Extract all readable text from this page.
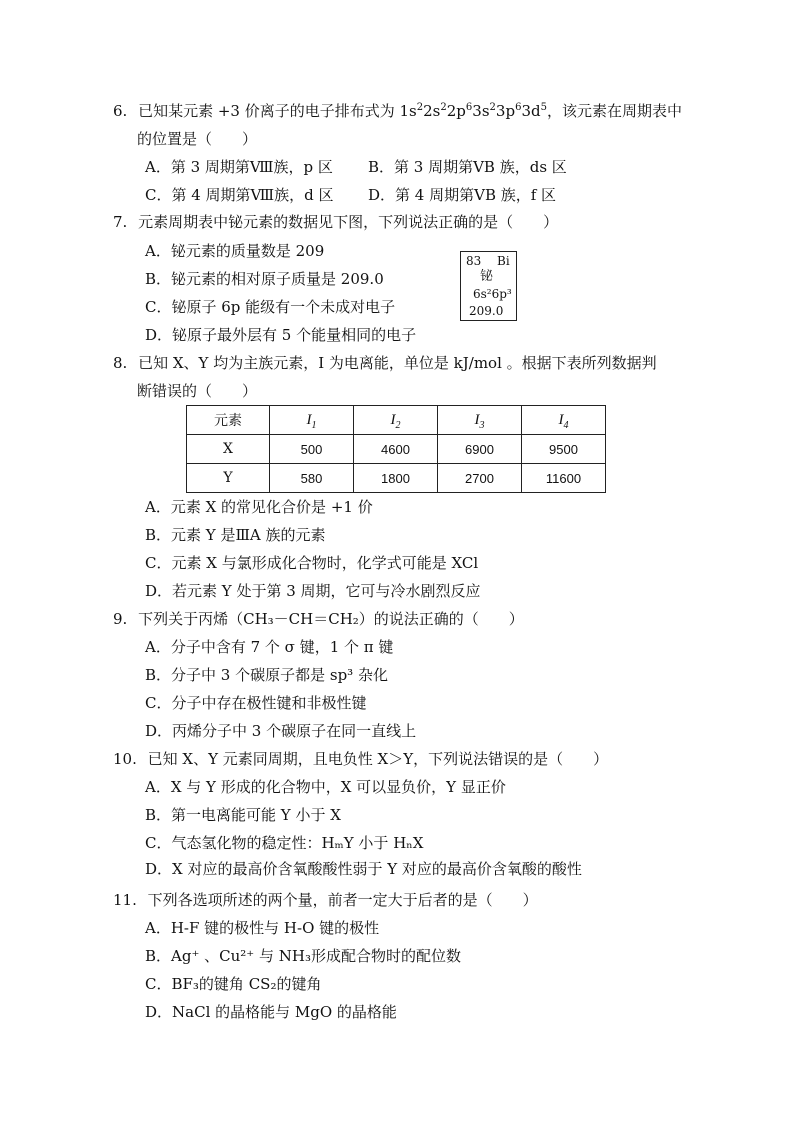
6. 已知某元素 +3 价离子的电子排布式为 $1s^22s^22p^63s^23p^63d^5$，该元素在周期表中
的位置是（　　）
A．第 3 周期第Ⅷ族，p 区 B．第 3 周期第ⅤB 族，ds 区
C．第 4 周期第Ⅷ族，d 区 D．第 4 周期第ⅤB 族，f 区
7. 元素周期表中铋元素的数据见下图，下列说法正确的是（　　）
A．铋元素的质量数是 209
B．铋元素的相对原子质量是 209.0
C．铋原子 6p 能级有一个未成对电子
D．铋原子最外层有 5 个能量相同的电子
83 Bi
铋
6s²6p³
209.0
8. 已知 X、Y 均为主族元素，I 为电离能，单位是 kJ/mol 。根据下表所列数据判
断错误的（　　）
元素	$I_1$	$I_2$	$I_3$	$I_4$
X	500	4600	6900	9500
Y	580	1800	2700	11600
A．元素 X 的常见化合价是 +1 价
B．元素 Y 是ⅢA 族的元素
C．元素 X 与氯形成化合物时，化学式可能是 XCl
D．若元素 Y 处于第 3 周期，它可与冷水剧烈反应
9. 下列关于丙烯（CH₃－CH＝CH₂）的说法正确的（　　）
A．分子中含有 7 个 σ 键，1 个 π 键
B．分子中 3 个碳原子都是 sp³ 杂化
C．分子中存在极性键和非极性键
D．丙烯分子中 3 个碳原子在同一直线上
10. 已知 X、Y 元素同周期，且电负性 X＞Y，下列说法错误的是（　　）
A．X 与 Y 形成的化合物中，X 可以显负价，Y 显正价
B．第一电离能可能 Y 小于 X
C．气态氢化物的稳定性：HₘY 小于 HₙX
D．X 对应的最高价含氧酸酸性弱于 Y 对应的最高价含氧酸的酸性
11. 下列各选项所述的两个量，前者一定大于后者的是（　　）
A．H-F 键的极性与 H-O 键的极性
B．Ag⁺ 、Cu²⁺ 与 NH₃形成配合物时的配位数
C．BF₃的键角 CS₂的键角
D．NaCl 的晶格能与 MgO 的晶格能
